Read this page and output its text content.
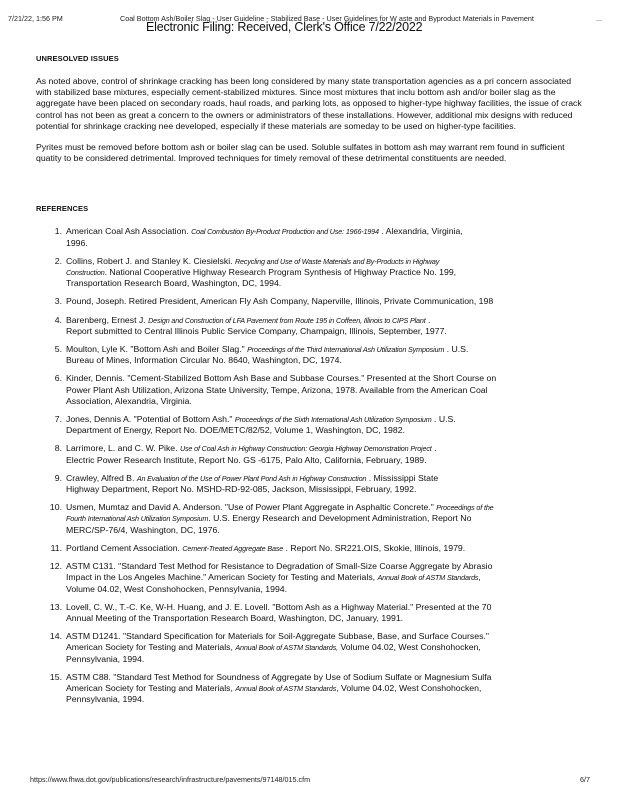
7/21/22, 1:56 PM	Coal Bottom Ash/Boiler Slag - User Guideline - Stabilized Base - User Guidelines for W aste and Byproduct Materials in Pavement	...
Electronic Filing: Received, Clerk's Office 7/22/2022
UNRESOLVED ISSUES

As noted above, control of shrinkage cracking has been long considered by many state transportation agencies as a pri concern associated with stabilized base mixtures, especially cement-stabilized mixtures. Since most mixtures that inclu bottom ash and/or boiler slag as the aggregate have been placed on secondary roads, haul roads, and parking lots, as opposed to higher-type highway facilities, the issue of crack control has not been as great a concern to the owners or administrators of these installations. However, additional mix designs with reduced potential for shrinkage cracking nee developed, especially if these materials are someday to be used on higher-type facilities.

Pyrites must be removed before bottom ash or boiler slag can be used. Soluble sulfates in bottom ash may warrant rem found in sufficient quatity to be considered detrimental. Improved techniques for timely removal of these detrimental constituents are needed.

REFERENCES
1. American Coal Ash Association. Coal Combustion By-Product Production and Use: 1966-1994 . Alexandria, Virginia,
1996.
2. Collins, Robert J. and Stanley K. Ciesielski. Recycling and Use of Waste Materials and By-Products in Highway
Construction. National Cooperative Highway Research Program Synthesis of Highway Practice No. 199,
Transportation Research Board, Washington, DC, 1994.
3. Pound, Joseph. Retired President, American Fly Ash Company, Naperville, Illinois, Private Communication, 198
4. Barenberg, Ernest J. Design and Construction of LFA Pavement from Route 195 in Coffeen, Illinois to CIPS Plant .
Report submitted to Central Illinois Public Service Company, Champaign, Illinois, September, 1977.
5. Moulton, Lyle K. "Bottom Ash and Boiler Slag." Proceedings of the Third International Ash Utilization Symposium . U.S.
Bureau of Mines, Information Circular No. 8640, Washington, DC, 1974.
6. Kinder, Dennis. "Cement-Stabilized Bottom Ash Base and Subbase Courses." Presented at the Short Course on
Power Plant Ash Utilization, Arizona State University, Tempe, Arizona, 1978. Available from the American Coal
Association, Alexandria, Virginia.
7. Jones, Dennis A. "Potential of Bottom Ash." Proceedings of the Sixth International Ash Utilization Symposium . U.S.
Department of Energy, Report No. DOE/METC/82/52, Volume 1, Washington, DC, 1982.
8. Larrimore, L. and C. W. Pike. Use of Coal Ash in Highway Construction: Georgia Highway Demonstration Project .
Electric Power Research Institute, Report No. GS -6175, Palo Alto, California, February, 1989.
9. Crawley, Alfred B. An Evaluation of the Use of Power Plant Pond Ash in Highway Construction . Mississippi State
Highway Department, Report No. MSHD-RD-92-085, Jackson, Mississippi, February, 1992.
10. Usmen, Mumtaz and David A. Anderson. "Use of Power Plant Aggregate in Asphaltic Concrete." Proceedings of the
Fourth International Ash Utilization Symposium. U.S. Energy Research and Development Administration, Report No
MERC/SP-76/4, Washington, DC, 1976.
11. Portland Cement Association. Cement-Treated Aggregate Base . Report No. SR221.OIS, Skokie, Illinois, 1979.
12. ASTM C131. "Standard Test Method for Resistance to Degradation of Small-Size Coarse Aggregate by Abrasio
Impact in the Los Angeles Machine." American Society for Testing and Materials, Annual Book of ASTM Standards,
Volume 04.02, West Conshohocken, Pennsylvania, 1994.
13. Lovell, C. W., T.-C. Ke, W-H. Huang, and J. E. Lovell. "Bottom Ash as a Highway Material." Presented at the 70
Annual Meeting of the Transportation Research Board, Washington, DC, January, 1991.
14. ASTM D1241. "Standard Specification for Materials for Soil-Aggregate Subbase, Base, and Surface Courses."
American Society for Testing and Materials, Annual Book of ASTM Standards, Volume 04.02, West Conshohocken,
Pennsylvania, 1994.
15. ASTM C88. "Standard Test Method for Soundness of Aggregate by Use of Sodium Sulfate or Magnesium Sulfa
American Society for Testing and Materials, Annual Book of ASTM Standards, Volume 04.02, West Conshohocken,
Pennsylvania, 1994.
https://www.fhwa.dot.gov/publications/research/infrastructure/pavements/97148/015.cfm	6/7
